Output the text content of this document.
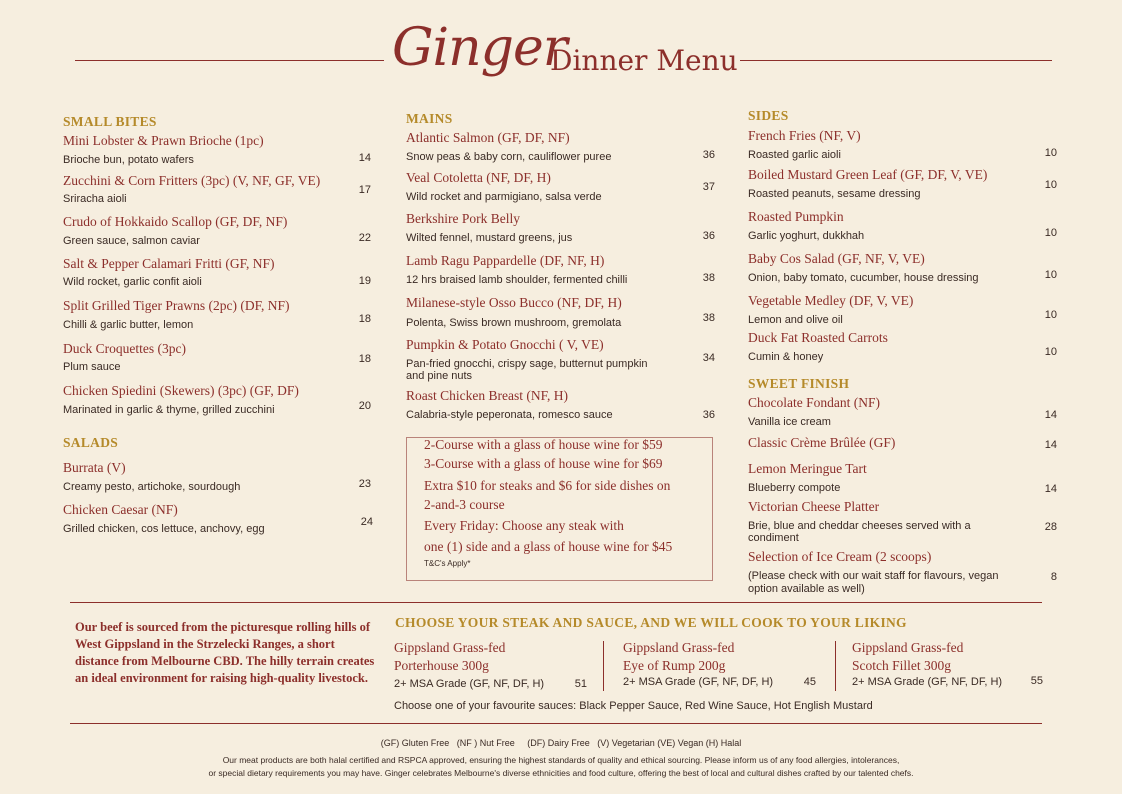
Ginger
Dinner Menu
SMALL BITES
Mini Lobster & Prawn Brioche (1pc)
Brioche bun, potato wafers	14
Zucchini & Corn Fritters (3pc) (V, NF, GF, VE)
Sriracha aioli
17
Crudo of Hokkaido Scallop (GF, DF, NF)
Green sauce, salmon caviar	22
Salt & Pepper Calamari Fritti (GF, NF)
Wild rocket, garlic confit aioli	19
Split Grilled Tiger Prawns (2pc) (DF, NF)
Chilli & garlic butter, lemon	18
Duck Croquettes (3pc)
Plum sauce
18
Chicken Spiedini (Skewers) (3pc) (GF, DF)
Marinated in garlic & thyme, grilled zucchini	20
SALADS
Burrata (V)
Creamy pesto, artichoke, sourdough	23
Chicken Caesar (NF)
Grilled chicken, cos lettuce, anchovy, egg
24
MAINS
Atlantic Salmon (GF, DF, NF)
Snow peas & baby corn, cauliflower puree	36
Veal Cotoletta (NF, DF, H)
Wild rocket and parmigiano, salsa verde
37
Berkshire Pork Belly
Wilted fennel, mustard greens, jus	36
Lamb Ragu Pappardelle (DF, NF, H)
12 hrs braised lamb shoulder, fermented chilli	38
Milanese-style Osso Bucco (NF, DF, H)
Polenta, Swiss brown mushroom, gremolata	38
Pumpkin & Potato Gnocchi ( V, VE)
Pan-fried gnocchi, crispy sage, butternut pumpkin
and pine nuts
34
Roast Chicken Breast (NF, H)
Calabria-style peperonata, romesco sauce	36
2-Course with a glass of house wine for $59
3-Course with a glass of house wine for $69
Extra $10 for steaks and $6 for side dishes on
2-and-3 course
Every Friday: Choose any steak with
one (1) side and a glass of house wine for $45
T&C's Apply*
SIDES
French Fries (NF, V)
Roasted garlic aioli	10
Boiled Mustard Green Leaf (GF, DF, V, VE)
Roasted peanuts, sesame dressing
10
Roasted Pumpkin
Garlic yoghurt, dukkhah	10
Baby Cos Salad (GF, NF, V, VE)
Onion, baby tomato, cucumber, house dressing	10
Vegetable Medley (DF, V, VE)
Lemon and olive oil	10
Duck Fat Roasted Carrots
Cumin & honey	10
SWEET FINISH
Chocolate Fondant (NF)
Vanilla ice cream
14
Classic Crème Brûlée (GF)	14
Lemon Meringue Tart
Blueberry compote	14
Victorian Cheese Platter
Brie, blue and cheddar cheeses served with a
condiment
28
Selection of Ice Cream (2 scoops)
(Please check with our wait staff for flavours, vegan
option available as well)
8
Our beef is sourced from the picturesque rolling hills of West Gippsland in the Strzelecki Ranges, a short distance from Melbourne CBD. The hilly terrain creates an ideal environment for raising high-quality livestock.
CHOOSE YOUR STEAK AND SAUCE, AND WE WILL COOK TO YOUR LIKING
Gippsland Grass-fed
Porterhouse 300g
2+ MSA Grade (GF, NF, DF, H)	51
Gippsland Grass-fed
Eye of Rump 200g
2+ MSA Grade (GF, NF, DF, H)	45
Gippsland Grass-fed
Scotch Fillet 300g
2+ MSA Grade (GF, NF, DF, H)	55
Choose one of your favourite sauces: Black Pepper Sauce, Red Wine Sauce, Hot English Mustard
(GF) Gluten Free   (NF ) Nut Free     (DF) Dairy Free   (V) Vegetarian (VE) Vegan (H) Halal
Our meat products are both halal certified and RSPCA approved, ensuring the highest standards of quality and ethical sourcing. Please inform us of any food allergies, intolerances,
or special dietary requirements you may have. Ginger celebrates Melbourne's diverse ethnicities and food culture, offering the best of local and cultural dishes crafted by our talented chefs.
